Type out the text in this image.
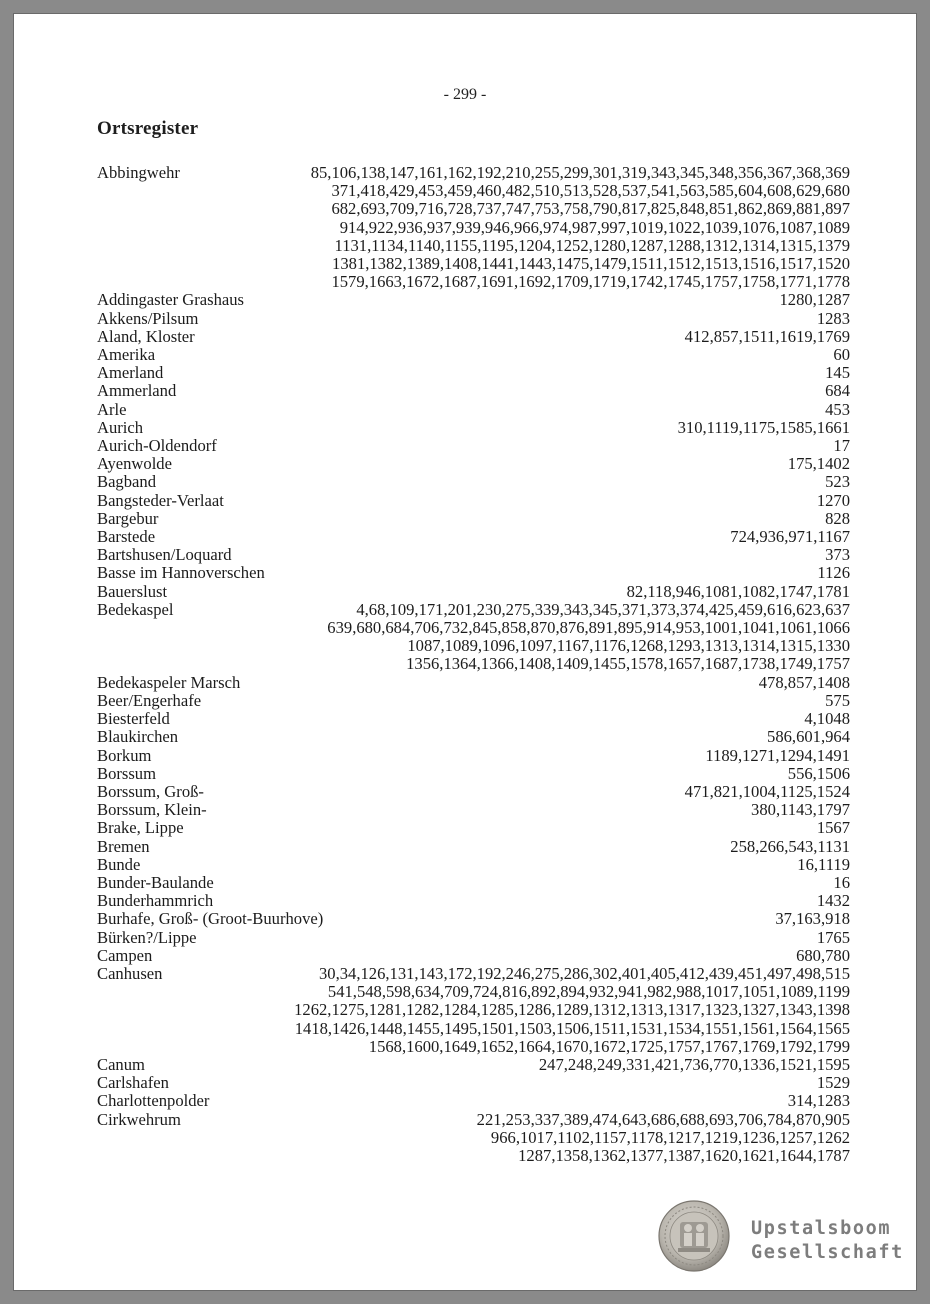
- 299 -
Ortsregister
Abbingwehr	85,106,138,147,161,162,192,210,255,299,301,319,343,345,348,356,367,368,369
371,418,429,453,459,460,482,510,513,528,537,541,563,585,604,608,629,680
682,693,709,716,728,737,747,753,758,790,817,825,848,851,862,869,881,897
914,922,936,937,939,946,966,974,987,997,1019,1022,1039,1076,1087,1089
1131,1134,1140,1155,1195,1204,1252,1280,1287,1288,1312,1314,1315,1379
1381,1382,1389,1408,1441,1443,1475,1479,1511,1512,1513,1516,1517,1520
1579,1663,1672,1687,1691,1692,1709,1719,1742,1745,1757,1758,1771,1778
Addingaster Grashaus	1280,1287
Akkens/Pilsum	1283
Aland, Kloster	412,857,1511,1619,1769
Amerika	60
Amerland	145
Ammerland	684
Arle	453
Aurich	310,1119,1175,1585,1661
Aurich-Oldendorf	17
Ayenwolde	175,1402
Bagband	523
Bangsteder-Verlaat	1270
Bargebur	828
Barstede	724,936,971,1167
Bartshusen/Loquard	373
Basse im Hannoverschen	1126
Bauerslust	82,118,946,1081,1082,1747,1781
Bedekaspel	4,68,109,171,201,230,275,339,343,345,371,373,374,425,459,616,623,637
639,680,684,706,732,845,858,870,876,891,895,914,953,1001,1041,1061,1066
1087,1089,1096,1097,1167,1176,1268,1293,1313,1314,1315,1330
1356,1364,1366,1408,1409,1455,1578,1657,1687,1738,1749,1757
Bedekaspeler Marsch	478,857,1408
Beer/Engerhafe	575
Biesterfeld	4,1048
Blaukirchen	586,601,964
Borkum	1189,1271,1294,1491
Borssum	556,1506
Borssum, Groß-	471,821,1004,1125,1524
Borssum, Klein-	380,1143,1797
Brake, Lippe	1567
Bremen	258,266,543,1131
Bunde	16,1119
Bunder-Baulande	16
Bunderhammrich	1432
Burhafe, Groß- (Groot-Buurhove)	37,163,918
Bürken?/Lippe	1765
Campen	680,780
Canhusen	30,34,126,131,143,172,192,246,275,286,302,401,405,412,439,451,497,498,515
541,548,598,634,709,724,816,892,894,932,941,982,988,1017,1051,1089,1199
1262,1275,1281,1282,1284,1285,1286,1289,1312,1313,1317,1323,1327,1343,1398
1418,1426,1448,1455,1495,1501,1503,1506,1511,1531,1534,1551,1561,1564,1565
1568,1600,1649,1652,1664,1670,1672,1725,1757,1767,1769,1792,1799
Canum	247,248,249,331,421,736,770,1336,1521,1595
Carlshafen	1529
Charlottenpolder	314,1283
Cirkwehrum	221,253,337,389,474,643,686,688,693,706,784,870,905
966,1017,1102,1157,1178,1217,1219,1236,1257,1262
1287,1358,1362,1377,1387,1620,1621,1644,1787
Upstalsboom
Gesellschaft
